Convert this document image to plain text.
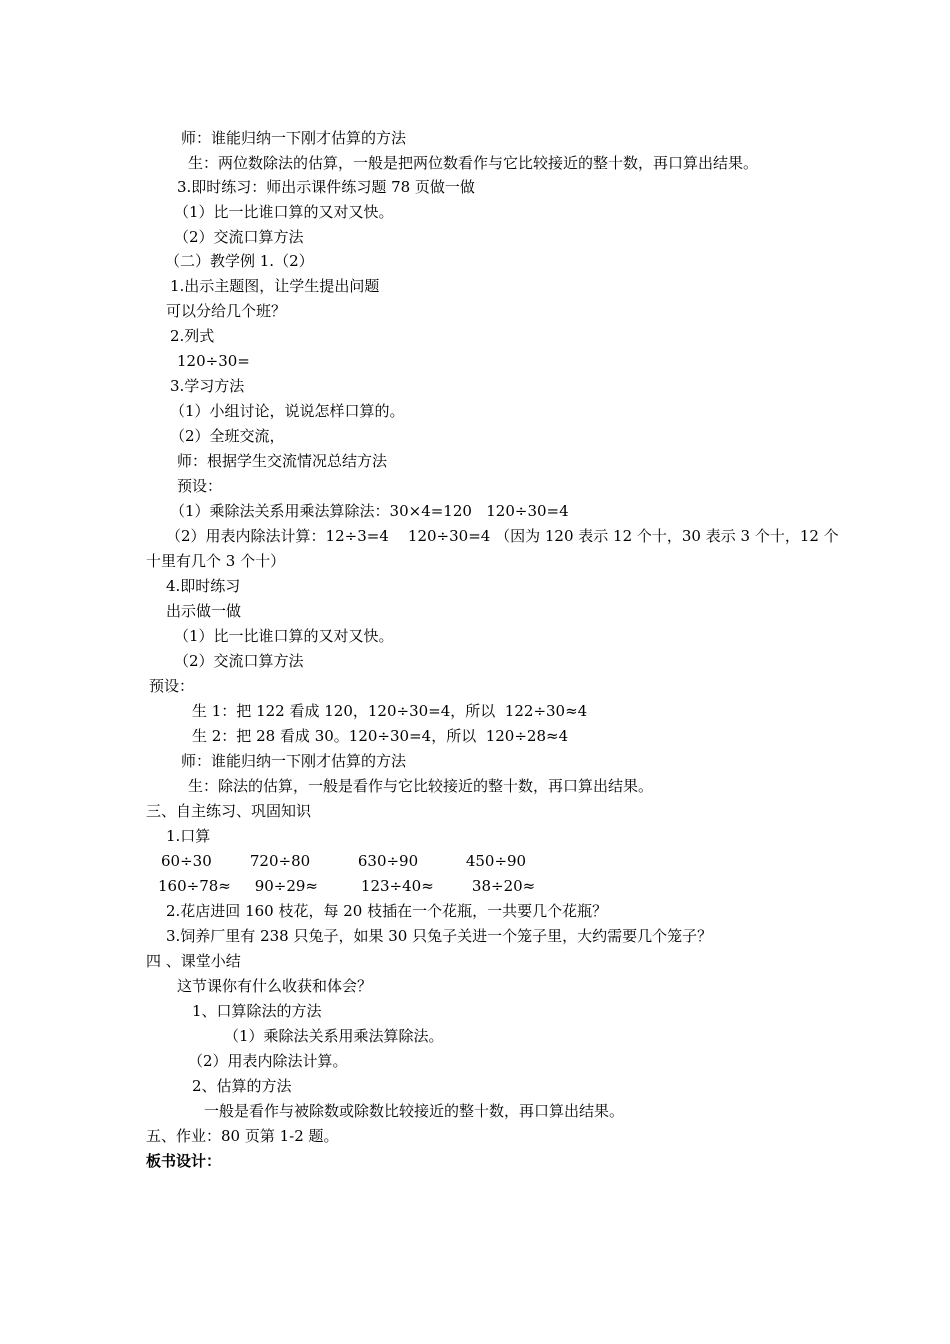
师：谁能归纳一下刚才估算的方法
生：两位数除法的估算，一般是把两位数看作与它比较接近的整十数，再口算出结果。
3.即时练习：师出示课件练习题 78 页做一做
（1）比一比谁口算的又对又快。
（2）交流口算方法
（二）教学例 1.（2）
1.出示主题图，让学生提出问题
可以分给几个班？
2.列式
120÷30=
3.学习方法
（1）小组讨论，说说怎样口算的。
（2）全班交流，
师：根据学生交流情况总结方法
预设：
（1）乘除法关系用乘法算除法：30×4=120   120÷30=4
（2）用表内除法计算：12÷3=4    120÷30=4 （因为 120 表示 12 个十，30 表示 3 个十，12 个
十里有几个 3 个十）
4.即时练习
出示做一做
（1）比一比谁口算的又对又快。
（2）交流口算方法
预设：
生 1：把 122 看成 120，120÷30=4，所以  122÷30≈4
生 2：把 28 看成 30。120÷30=4，所以  120÷28≈4
师：谁能归纳一下刚才估算的方法
生：除法的估算，一般是看作与它比较接近的整十数，再口算出结果。
三、自主练习、巩固知识
1.口算
60÷30        720÷80          630÷90          450÷90
160÷78≈     90÷29≈         123÷40≈        38÷20≈
2.花店进回 160 枝花，每 20 枝插在一个花瓶，一共要几个花瓶？
3.饲养厂里有 238 只兔子，如果 30 只兔子关进一个笼子里，大约需要几个笼子？
四 、课堂小结
这节课你有什么收获和体会？
1、口算除法的方法
（1）乘除法关系用乘法算除法。
（2）用表内除法计算。
2、估算的方法
一般是看作与被除数或除数比较接近的整十数，再口算出结果。
五、作业：80 页第 1-2 题。
板书设计：
